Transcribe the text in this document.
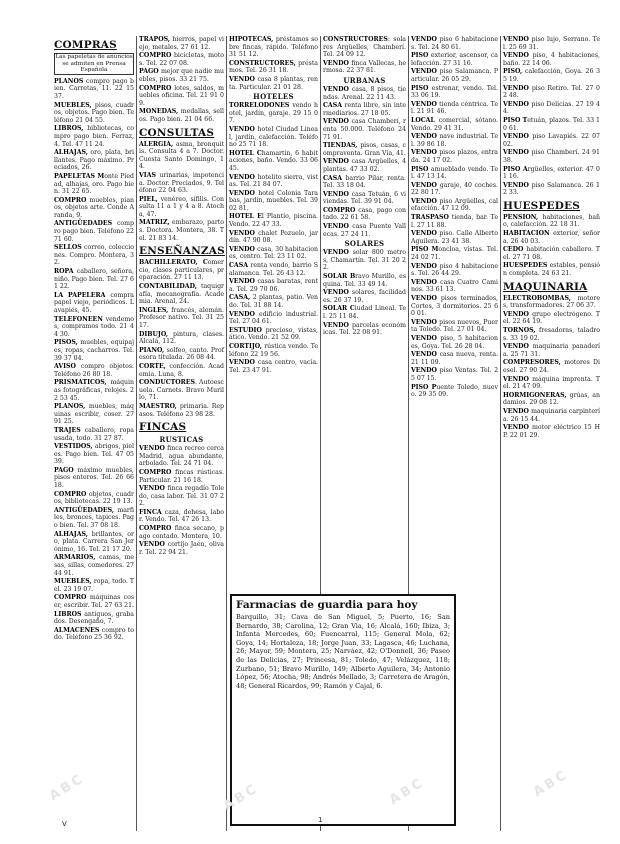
COMPRAS

Las papeletas de anuncios se admiten en Prensa Española

PLANOS compro pago bien. Carretas, 11. 22 15 37.
MUEBLES, pisos, cuadros, objetos. Pago bien. Teléfono 21 04 55.
LIBROS, bibliotecas, compro pago bien. Ferraz, 4. Tel. 47 11 24.
ALHAJAS, oro, plata, brillantes. Pago máximo. Preciados, 26.
PAPELETAS Monte Piedad, alhajas, oro. Pago bien. 31 22 65.
COMPRO muebles, pianos, objetos arte. Conde Aranda, 9.
ANTIGÜEDADES compro pago bien. Teléfono 22 71 60.
SELLOS correo, colecciones. Compro. Montera, 32.
ROPA caballero, señora, niño. Pago bien. Tel. 27 61 22.
LA PAPELERA compra papel viejo, periódicos. Lavapiés, 45.
TELEFONEEN vendemos, compramos todo. 21 44 30.
PISOS, muebles, equipajes, ropas, cacharros. Tel. 39 37 04.
AVISO compro objetos. Teléfono 26 80 18.
PRISMATICOS, máquinas fotográficas, relojes. 22 53 45.
PLANOS, muebles, máquinas escribir, coser. 27 91 25.
TRAJES caballero, ropa usada, todo. 31 27 87.
VESTIDOS, abrigos, pieles. Pago bien. Tel. 47 05 39.
PAGO máximo muebles, pisos enteros. Tel. 26 66 18.
COMPRO objetos, cuadros, bibliotecas. 22 19 13.
ANTIGÜEDADES, marfiles, bronces, tapices. Pago bien. Tel. 37 08 18.
ALHAJAS, brillantes, oro, plata. Carrera San Jerónimo, 16. Tel. 21 17 20.
ARMARIOS, camas, mesas, sillas, comedores. 27 44 91.
MUEBLES, ropa, todo. Tel. 23 19 07.
COMPRO máquinas coser, escribir. Tel. 27 63 21.
LIBROS antiguos, grabados. Desengaño, 7.
ALMACENES compro todo. Teléfono 25 36 92.
TRAPOS, hierros, papel viejo, metales. 27 61 12.
COMPRO bicicletas, motos. Tel. 22 07 08.
PAGO mejor que nadie muebles, pisos. 33 21 75.
COMPRO lotes, saldos, muebles oficina. Tel. 21 91 09.
MONEDAS, medallas, sellos. Pago bien. 21 04 66.
CONSULTAS
ALERGIA, asma, bronquitis. Consulta 4 a 7. Doctor. Cuesta Santo Domingo, 14.
VIAS urinarias, impotencia. Doctor. Preciados, 9. Teléfono 22 04 63.
PIEL, venéreo, sífilis. Consulta 11 a 1 y 4 a 8. Atocha, 47.
MATRIZ, embarazo, partos. Doctora. Montera, 38. Tel. 21 83 14.
ENSEÑANZAS
BACHILLERATO, Comercio, clases particulares, preparación. 27 11 13.
CONTABILIDAD, taquigrafía, mecanografía. Academia. Arenal, 24.
INGLES, francés, alemán. Profesor nativo. Tel. 31 25 17.
DIBUJO, pintura, clases. Alcalá, 112.
PIANO, solfeo, canto. Profesora titulada. 26 08 44.
CORTE, confección. Academia. Luna, 8.
CONDUCTORES. Autoescuela. Carnets. Bravo Murillo, 71.
MAESTRO, primaria. Repasos. Teléfono 23 98 28.
FINCAS
RUSTICAS
VENDO finca recreo cerca Madrid, agua abundante, arbolado. Tel. 24 71 04.
COMPRO fincas rústicas. Particular. 21 16 18.
VENDO finca regadío Toledo, casa labor. Tel. 31 07 22.
FINCA caza, dehesa, labor. Vendo. Tel. 47 26 13.
COMPRO finca secano, pago contado. Montera, 10.
VENDO cortijo Jaén, olivar. Tel. 22 94 21.
HIPOTECAS, préstamos sobre fincas, rápido. Teléfono 31 51 12.
CONSTRUCTORES, préstamos. Tel. 26 31 18.
VENDO casa 8 plantas, renta. Particular. 21 01 28.
HOTELES
TORRELODONES vendo hotel, jardín, garaje. 29 15 07.
VENDO hotel Ciudad Lineal, jardín, calefacción. Teléfono 25 71 18.
HOTEL Chamartín, 6 habitaciones, baño. Vendo. 33 06 45.
VENDO hotelito sierra, vistas. Tel. 21 84 07.
VENDO hotel Colonia Tarabas, jardín, muebles. Tel. 39 02 81.
HOTEL El Plantío, piscina. Vendo. 22 47 33.
VENDO chalet Pozuelo, jardín. 47 90 08.
VENDO casa, 30 habitaciones, centro. Tel. 23 11 02.
CASA renta vendo, barrio Salamanca. Tel. 26 43 12.
VENDO casas baratas, renta. Tel. 29 70 06.
CASA, 2 plantas, patio. Vendo. Tel. 31 88 14.
VENDO edificio industrial. Tel. 27 04 61.
ESTUDIO precioso, vistas, ático. Vendo. 21 52 09.
CORTIJO, rústica vendo. Teléfono 22 19 56.
VENDO casa centro, vacía. Tel. 23 47 91.
CONSTRUCTORES: solares Argüelles, Chamberí. Tel. 24 09 12.
VENDO finca Vallecas, hermosa. 22 37 81.
URBANAS
VENDO casa, 8 pisos, tiendas. Arenal. 22 11 43.
CASA renta libre, sin intermediarios. 27 18 05.
VENDO casa Chamberí, renta 50.000. Teléfono 24 71 91.
TIENDAS, pisos, casas, compraventa. Gran Vía, 41.
VENDO casa Argüelles, 4 plantas. 47 33 02.
CASA barrio Pilar, renta. Tel. 33 18 04.
VENDO casa Tetuán, 6 viviendas. Tel. 39 91 04.
COMPRO casa, pago contado. 22 61 58.
VENDO casa Puente Vallecas. 27 24 11.
SOLARES
VENDO solar 800 metros, Chamartín. Tel. 31 20 22.
SOLAR Bravo Murillo, esquina. Tel. 33 49 14.
VENDO solares, facilidades. 26 37 19.
SOLAR Ciudad Lineal. Tel. 25 11 84.
VENDO parcelas económicas. Tel. 22 08 91.
VENDO piso 6 habitaciones. Tel. 24 80 61.
PISO exterior, ascensor, calefacción. 27 31 16.
VENDO piso Salamanca. Particular. 26 05 29.
PISO estrenar, vendo. Tel. 33 06 19.
VENDO tienda céntrica. Tel. 21 91 46.
LOCAL comercial, sótano. Vendo. 29 41 31.
VENDO nave industrial. Tel. 39 86 18.
VENDO pisos plazos, entrada. 24 17 02.
PISO amueblado vendo. Tel. 47 13 14.
VENDO garaje, 40 coches. 22 80 17.
VENDO piso Argüelles, calefacción. 47 12 09.
TRASPASO tienda, bar. Tel. 27 11 88.
VENDO piso. Calle Alberto Aguilera. 23 41 38.
PISO Moncloa, vistas. Tel. 24 02 71.
VENDO piso 4 habitaciones. Tel. 26 44 29.
VENDO casa Cuatro Caminos. 33 61 13.
VENDO pisos terminados, Cortes, 3 dormitorios. 25 60 01.
VENDO pisos nuevos, Puerta Toledo. Tel. 27 01 04.
VENDO piso, 5 habitaciones, Goya. Tel. 26 28 04.
VENDO casa nueva, renta. 21 11 09.
VENDO piso Ventas. Tel. 25 07 15.
PISO Puente Toledo, nuevo. 29 35 09.
VENDO piso lujo, Serrano. Tel. 25 69 31.
VENDO piso, 4 habitaciones, baño. 22 14 06.
PISO, calefacción, Goya. 26 35 19.
VENDO piso Retiro. Tel. 27 02 48.
VENDO piso Delicias. 27 19 44.
PISO Tetuán, plazos. Tel. 33 10 61.
VENDO piso Lavapiés. 22 07 02.
VENDO piso Chamberí. 24 91 38.
PISO Argüelles, exterior. 47 01 16.
VENDO piso Salamanca. 26 12 33.
HUESPEDES
PENSION, habitaciones, baño, calefacción. 22 18 31.
HABITACION exterior, señora. 26 40 03.
CEDO habitación caballero. Tel. 27 71 08.
HUESPEDES estables, pensión completa. 24 63 21.
MAQUINARIA
ELECTROBOMBAS, motores, transformadores. 27 06 37.
VENDO grupo electrógeno. Tel. 22 64 19.
TORNOS, fresadoras, taladros. 33 19 02.
VENDO maquinaria panadería. 25 71 31.
COMPRESORES, motores Diesel. 27 90 24.
VENDO máquina imprenta. Tel. 21 47 09.
HORMIGONERAS, grúas, andamios. 29 08 12.
VENDO maquinaria carpintería. 26 15 44.
VENDO motor eléctrico 15 HP. 22 01 29.
Farmacias de guardia para hoy

Barquillo, 31; Cava de San Miguel, 5; Puerto, 16; San Bernardo, 38; Carolina, 12; Gran Via, 16; Alcalá, 160; Ibiza, 3; Infanta Mercedes, 60; Fuencarral, 115; General Mola, 62; Goya, 14; Hortaleza, 18; Jorge Juan, 33; Lagasca, 46; Luchana, 26; Mayor, 59; Montera, 25; Narváez, 42; O'Donnell, 36; Paseo de las Delicias, 27; Princesa, 81; Toledo, 47; Velázquez, 118; Zurbano, 51; Bravo Murillo, 149; Alberto Aguilera, 34; Antonio López, 56; Atocha, 98; Andrés Mellado, 3; Carretera de Aragón, 48; General Ricardos, 99; Ramón y Cajal, 6.

V	1
ABC	ABC	ABC	ABC
